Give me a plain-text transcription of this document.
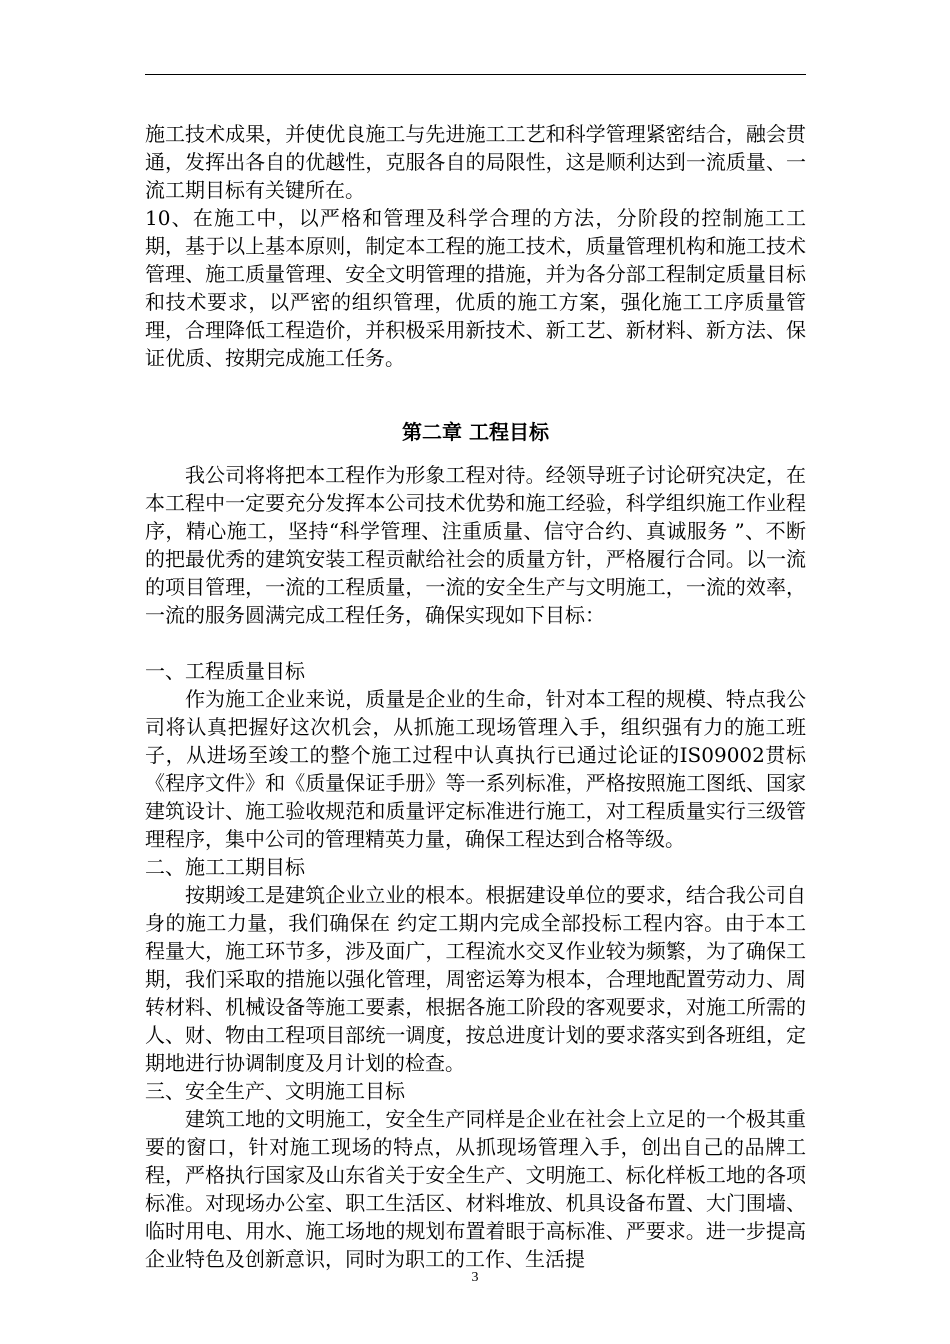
施工技术成果，并使优良施工与先进施工工艺和科学管理紧密结合，融会贯通，发挥出各自的优越性，克服各自的局限性，这是顺利达到一流质量、一流工期目标有关键所在。

10、在施工中，以严格和管理及科学合理的方法，分阶段的控制施工工期，基于以上基本原则，制定本工程的施工技术，质量管理机构和施工技术管理、施工质量管理、安全文明管理的措施，并为各分部工程制定质量目标和技术要求，以严密的组织管理，优质的施工方案，强化施工工序质量管理，合理降低工程造价，并积极采用新技术、新工艺、新材料、新方法、保证优质、按期完成施工任务。

第二章 工程目标

我公司将将把本工程作为形象工程对待。经领导班子讨论研究决定，在本工程中一定要充分发挥本公司技术优势和施工经验，科学组织施工作业程序，精心施工，坚持“科学管理、注重质量、信守合约、真诚服务 ”、不断的把最优秀的建筑安装工程贡献给社会的质量方针，严格履行合同。以一流的项目管理，一流的工程质量，一流的安全生产与文明施工，一流的效率，一流的服务圆满完成工程任务，确保实现如下目标：

一、工程质量目标

作为施工企业来说，质量是企业的生命，针对本工程的规模、特点我公司将认真把握好这次机会，从抓施工现场管理入手，组织强有力的施工班子，从进场至竣工的整个施工过程中认真执行已通过论证的IS09002贯标《程序文件》和《质量保证手册》等一系列标准，严格按照施工图纸、国家建筑设计、施工验收规范和质量评定标准进行施工，对工程质量实行三级管理程序，集中公司的管理精英力量，确保工程达到合格等级。

二、施工工期目标

按期竣工是建筑企业立业的根本。根据建设单位的要求，结合我公司自身的施工力量，我们确保在 约定工期内完成全部投标工程内容。由于本工程量大，施工环节多，涉及面广，工程流水交叉作业较为频繁，为了确保工期，我们采取的措施以强化管理，周密运筹为根本，合理地配置劳动力、周转材料、机械设备等施工要素，根据各施工阶段的客观要求，对施工所需的人、财、物由工程项目部统一调度，按总进度计划的要求落实到各班组，定期地进行协调制度及月计划的检查。

三、安全生产、文明施工目标

建筑工地的文明施工，安全生产同样是企业在社会上立足的一个极其重要的窗口，针对施工现场的特点，从抓现场管理入手，创出自己的品牌工程，严格执行国家及山东省关于安全生产、文明施工、标化样板工地的各项标准。对现场办公室、职工生活区、材料堆放、机具设备布置、大门围墙、临时用电、用水、施工场地的规划布置着眼于高标准、严要求。进一步提高企业特色及创新意识，同时为职工的工作、生活提

3
